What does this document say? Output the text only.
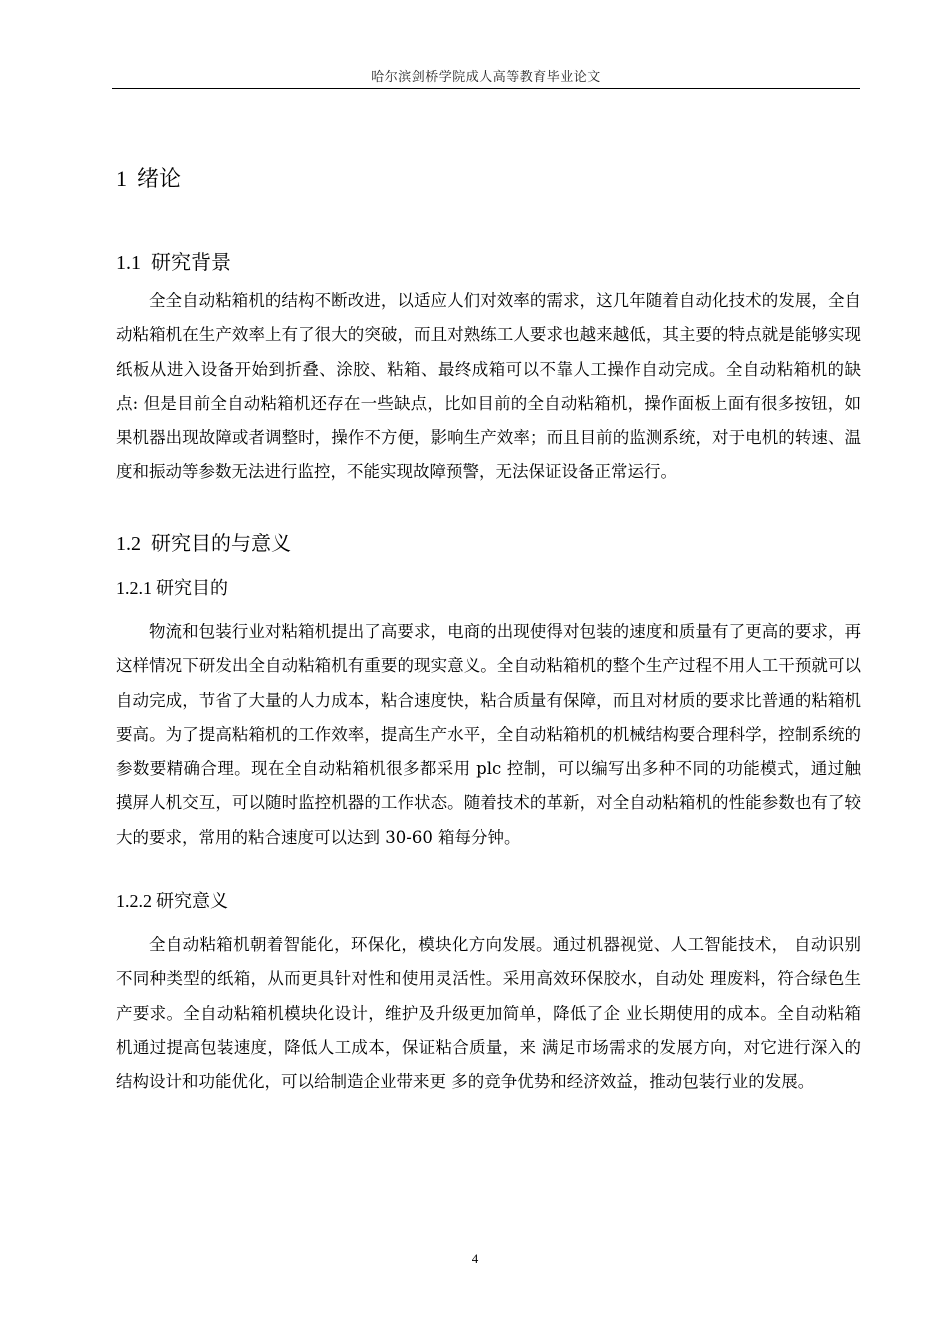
哈尔滨剑桥学院成人高等教育毕业论文
1 绪论
1.1 研究背景

全全自动粘箱机的结构不断改进，以适应人们对效率的需求，这几年随着自动化技术的发展，全自动粘箱机在生产效率上有了很大的突破，而且对熟练工人要求也越来越低，其主要的特点就是能够实现纸板从进入设备开始到折叠、涂胶、粘箱、最终成箱可以不靠人工操作自动完成。全自动粘箱机的缺点: 但是目前全自动粘箱机还存在一些缺点，比如目前的全自动粘箱机，操作面板上面有很多按钮，如果机器出现故障或者调整时，操作不方便，影响生产效率；而且目前的监测系统，对于电机的转速、温度和振动等参数无法进行监控，不能实现故障预警，无法保证设备正常运行。

1.2 研究目的与意义
1.2.1 研究目的

物流和包装行业对粘箱机提出了高要求，电商的出现使得对包装的速度和质量有了更高的要求，再这样情况下研发出全自动粘箱机有重要的现实意义。全自动粘箱机的整个生产过程不用人工干预就可以自动完成，节省了大量的人力成本，粘合速度快，粘合质量有保障，而且对材质的要求比普通的粘箱机要高。为了提高粘箱机的工作效率，提高生产水平，全自动粘箱机的机械结构要合理科学，控制系统的参数要精确合理。现在全自动粘箱机很多都采用 plc 控制，可以编写出多种不同的功能模式，通过触摸屏人机交互，可以随时监控机器的工作状态。随着技术的革新，对全自动粘箱机的性能参数也有了较大的要求，常用的粘合速度可以达到 30-60 箱每分钟。

1.2.2 研究意义

全自动粘箱机朝着智能化，环保化，模块化方向发展。通过机器视觉、人工智能技术， 自动识别不同种类型的纸箱，从而更具针对性和使用灵活性。采用高效环保胶水，自动处 理废料，符合绿色生产要求。全自动粘箱机模块化设计，维护及升级更加简单，降低了企 业长期使用的成本。全自动粘箱机通过提高包装速度，降低人工成本，保证粘合质量，来 满足市场需求的发展方向，对它进行深入的结构设计和功能优化，可以给制造企业带来更 多的竞争优势和经济效益，推动包装行业的发展。

4
